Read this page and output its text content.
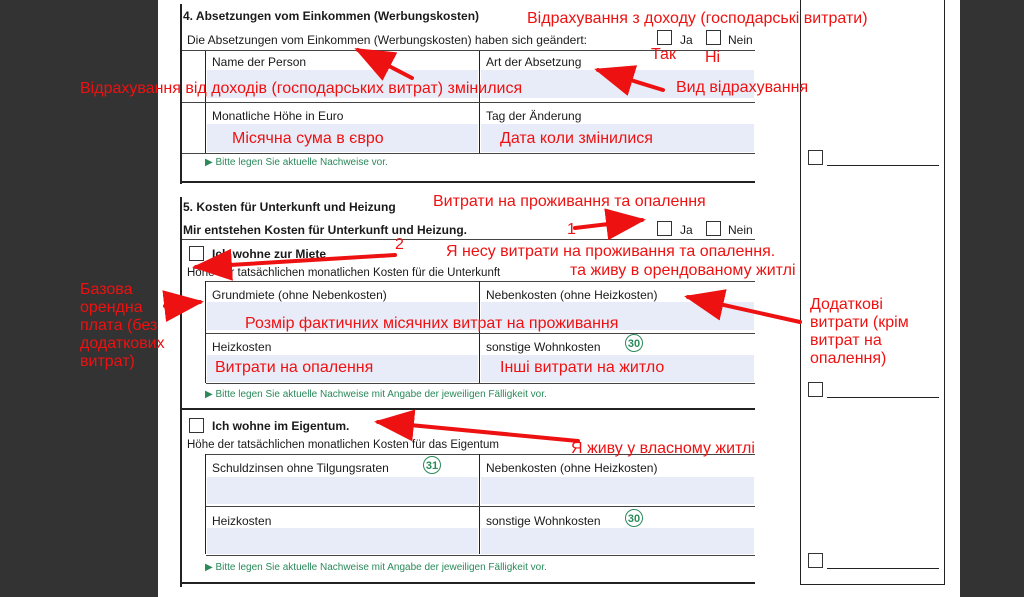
4. Absetzungen vom Einkommen (Werbungskosten)
Die Absetzungen vom Einkommen (Werbungskosten) haben sich geändert:	Ja	Nein
Name der Person	Art der Absetzung
Monatliche Höhe in Euro	Tag der Änderung
▶ Bitte legen Sie aktuelle Nachweise vor.
5. Kosten für Unterkunft und Heizung
Mir entstehen Kosten für Unterkunft und Heizung.	Ja	Nein
Ich wohne zur Miete
Höhe der tatsächlichen monatlichen Kosten für die Unterkunft
Grundmiete (ohne Nebenkosten)	Nebenkosten (ohne Heizkosten)
Heizkosten	sonstige Wohnkosten 30
▶ Bitte legen Sie aktuelle Nachweise mit Angabe der jeweiligen Fälligkeit vor.
Ich wohne im Eigentum.
Höhe der tatsächlichen monatlichen Kosten für das Eigentum
Schuldzinsen ohne Tilgungsraten	31	Nebenkosten (ohne Heizkosten)
Heizkosten	sonstige Wohnkosten 30
▶ Bitte legen Sie aktuelle Nachweise mit Angabe der jeweiligen Fälligkeit vor.
Відрахування з доходу (господарські витрати)
Так Ні
Відрахування від доходів (господарських витрат) змінилися	Вид відрахування
Місячна сума в євро	Дата коли змінилися
Витрати на проживання та опалення
1
2	Я несу витрати на проживання та опалення.
та живу в орендованому житлі
Базова
орендна
плата (без
додаткових
витрат)
Розмір фактичних місячних витрат на проживання
Додаткові
витрати (крім
витрат на
опалення)
Витрати на опалення	Інші витрати на житло
Я живу у власному житлі
